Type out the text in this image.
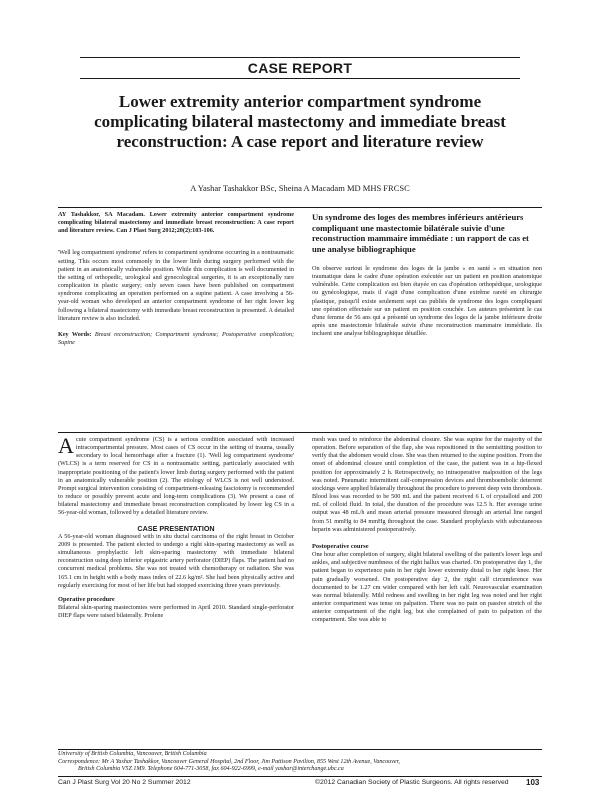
CASE REPORT
Lower extremity anterior compartment syndrome complicating bilateral mastectomy and immediate breast reconstruction: A case report and literature review
A Yashar Tashakkor BSc, Sheina A Macadam MD MHS FRCSC

AY Tashakkor, SA Macadam. Lower extremity anterior compartment syndrome complicating bilateral mastectomy and immediate breast reconstruction: A case report and literature review. Can J Plast Surg 2012;20(2):103-106.

'Well leg compartment syndrome' refers to compartment syndrome occurring in a nontraumatic setting. This occurs most commonly in the lower limb during surgery performed with the patient in an anatomically vulnerable position. While this complication is well documented in the setting of orthopedic, urological and gynecological surgeries, it is an exceptionally rare complication in plastic surgery; only seven cases have been published on compartment syndrome complicating an operation performed on a supine patient. A case involving a 56-year-old woman who developed an anterior compartment syndrome of her right lower leg following a bilateral mastectomy with immediate breast reconstruction is presented. A detailed literature review is also included.

Key Words: Breast reconstruction; Compartment syndrome; Postoperative complication; Supine

Un syndrome des loges des membres inférieurs antérieurs compliquant une mastectomie bilatérale suivie d'une reconstruction mammaire immédiate : un rapport de cas et une analyse bibliographique

On observe surtout le syndrome des loges de la jambe « en santé » en situation non traumatique dans le cadre d'une opération exécutée sur un patient en position anatomique vulnérable. Cette complication est bien étayée en cas d'opération orthopédique, urologique ou gynécologique, mais il s'agit d'une complication d'une extrême rareté en chirurgie plastique, puisqu'il existe seulement sept cas publiés de syndrome des loges compliquant une opération effectuée sur un patient en position couchée. Les auteurs présentent le cas d'une femme de 56 ans qui a présenté un syndrome des loges de la jambe inférieure droite après une mastectomie bilatérale suivie d'une reconstruction mammaire immédiate. Ils incluent une analyse bibliographique détaillée.

Acute compartment syndrome (CS) is a serious condition associated with increased intracompartmental pressure. Most cases of CS occur in the setting of trauma, usually secondary to local hemorrhage after a fracture (1). 'Well leg compartment syndrome' (WLCS) is a term reserved for CS in a nontraumatic setting, particularly associated with inappropriate positioning of the patient's lower limb during surgery performed with the patient in an anatomically vulnerable position (2). The etiology of WLCS is not well understood. Prompt surgical intervention consisting of compartment-releasing fasciotomy is recommended to reduce or possibly prevent acute and long-term complications (3). We present a case of bilateral mastectomy and immediate breast reconstruction complicated by lower leg CS in a 56-year-old woman, followed by a detailed literature review.

CASE PRESENTATION

A 56-year-old woman diagnosed with in situ ductal carcinoma of the right breast in October 2009 is presented. The patient elected to undergo a right skin-sparing mastectomy as well as simultaneous prophylactic left skin-sparing mastectomy with immediate bilateral reconstruction using deep inferior epigastric artery perforator (DIEP) flaps. The patient had no concurrent medical problems. She was not treated with chemotherapy or radiation. She was 165.1 cm in height with a body mass index of 22.6 kg/m². She had been physically active and regularly exercising for most of her life but had stopped exercising three years previously.

Operative procedure
Bilateral skin-sparing mastectomies were performed in April 2010. Standard single-perforator DIEP flaps were raised bilaterally. Prolene

mesh was used to reinforce the abdominal closure. She was supine for the majority of the operation. Before separation of the flap, she was repositioned in the semisitting position to verify that the abdomen would close. She was then returned to the supine position. From the onset of abdominal closure until completion of the case, the patient was in a hip-flexed position for approximately 2 h. Retrospectively, no intraoperative malposition of the legs was noted. Pneumatic intermittent calf-compression devices and thromboembolic deterrent stockings were applied bilaterally throughout the procedure to prevent deep vein thrombosis. Blood loss was recorded to be 500 mL and the patient received 6 L of crystalloid and 200 mL of colloid fluid. In total, the duration of the procedure was 12.5 h. Her average urine output was 48 mL/h and mean arterial pressure measured through an arterial line ranged from 51 mmHg to 84 mmHg throughout the case. Standard prophylaxis with subcutaneous heparin was administered postoperatively.

Postoperative course
One hour after completion of surgery, slight bilateral swelling of the patient's lower legs and ankles, and subjective numbness of the right hallux was charted. On postoperative day 1, the patient began to experience pain in her right lower extremity distal to her right knee. Her pain gradually worsened. On postoperative day 2, the right calf circumference was documented to be 1.27 cm wider compared with her left calf. Neurovascular examination was normal bilaterally. Mild redness and swelling in her right leg was noted and her right anterior compartment was tense on palpation. There was no pain on passive stretch of the anterior compartment of the right leg, but she complained of pain to palpation of the compartment. She was able to

University of British Columbia, Vancouver, British Columbia
Correspondence: Mr A Yashar Tashakkor, Vancouver General Hospital, 2nd Floor, Jim Pattison Pavilion, 855 West 12th Avenue, Vancouver,
British Columbia V5Z 1M9. Telephone 604-771-3058, fax 604-922-6999, e-mail yashar@interchange.ubc.ca
Can J Plast Surg Vol 20 No 2 Summer 2012	©2012 Canadian Society of Plastic Surgeons. All rights reserved 103
